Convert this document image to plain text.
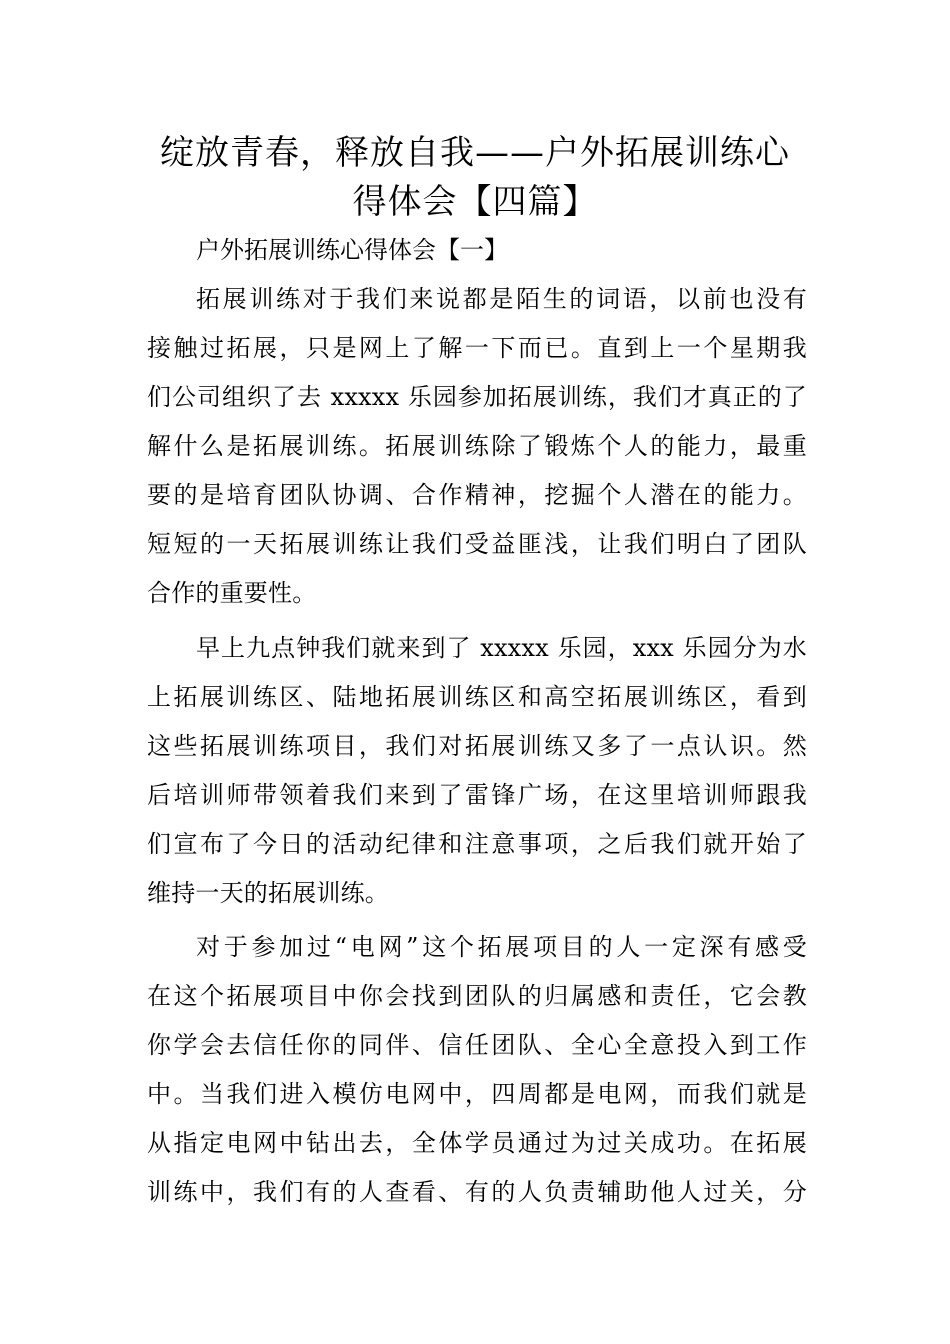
绽放青春，释放自我——户外拓展训练心
得体会【四篇】
户外拓展训练心得体会【一】
拓展训练对于我们来说都是陌生的词语，以前也没有
接触过拓展，只是网上了解一下而已。直到上一个星期我
们公司组织了去 xxxxx 乐园参加拓展训练，我们才真正的了
解什么是拓展训练。拓展训练除了锻炼个人的能力，最重
要的是培育团队协调、合作精神，挖掘个人潜在的能力。
短短的一天拓展训练让我们受益匪浅，让我们明白了团队
合作的重要性。
早上九点钟我们就来到了 xxxxx 乐园，xxx 乐园分为水
上拓展训练区、陆地拓展训练区和高空拓展训练区，看到
这些拓展训练项目，我们对拓展训练又多了一点认识。然
后培训师带领着我们来到了雷锋广场，在这里培训师跟我
们宣布了今日的活动纪律和注意事项，之后我们就开始了
维持一天的拓展训练。
对于参加过“电网”这个拓展项目的人一定深有感受
在这个拓展项目中你会找到团队的归属感和责任，它会教
你学会去信任你的同伴、信任团队、全心全意投入到工作
中。当我们进入模仿电网中，四周都是电网，而我们就是
从指定电网中钻出去，全体学员通过为过关成功。在拓展
训练中，我们有的人查看、有的人负责辅助他人过关，分
